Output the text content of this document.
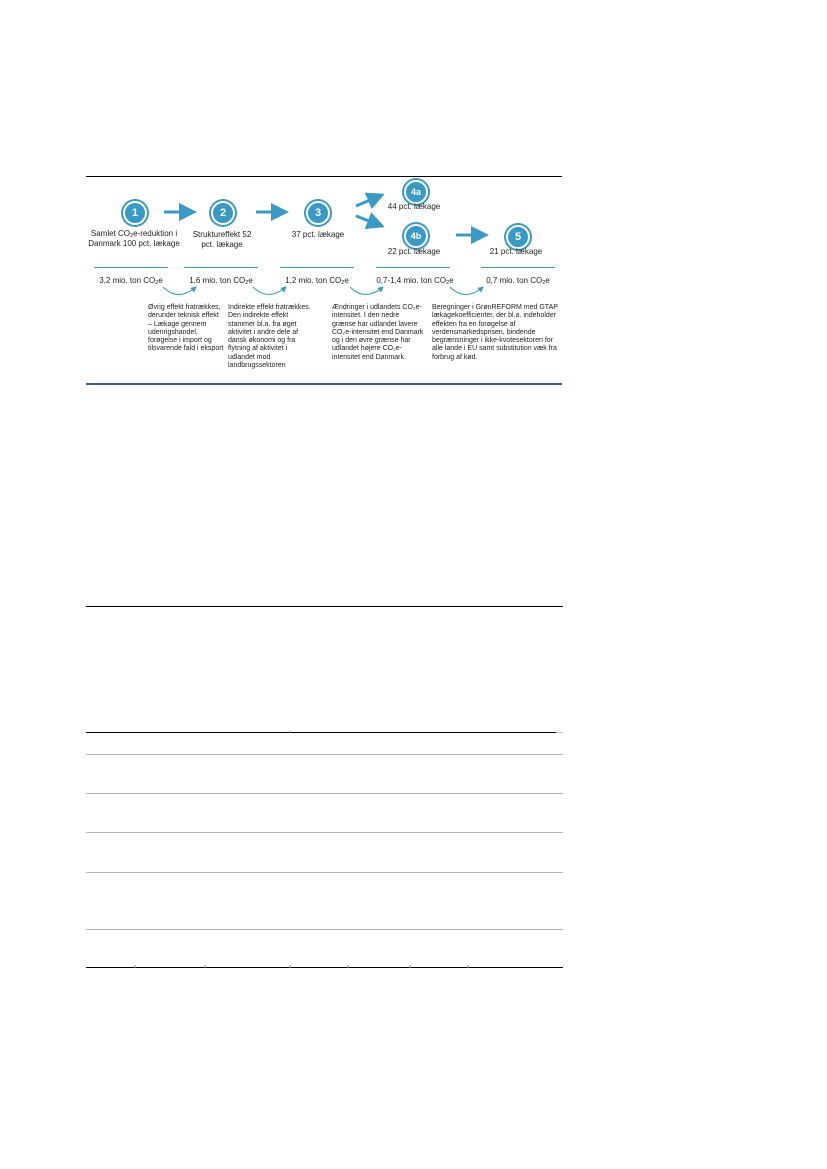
1	2	3
4a
4b	5
Samlet $CO_2e$-reduktion i Danmark 100 pct. lækage
Struktureffekt 52 pct. lækage
37 pct. lækage
44 pct. lækage
22 pct. lækage	21 pct. lækage
3,2 mio. ton $CO_2e$	1,6 mio. ton $CO_2e$	1,2 mio. ton $CO_2e$	0,7-1,4 mio. ton $CO_2e$	0,7 mio. ton $CO_2e$
Øvrig effekt fratrækkes, derunder teknisk effekt – Lækage gennem udenrigshandel, forøgelse i import og tilsvarende fald i eksport
Indirekte effekt fratrækkes. Den indirekte effekt stammer bl.a. fra øget aktivitet i andre dele af dansk økonomi og fra flytning af aktivitet i udlandet mod landbrugssektoren
Ændringer i udlandets CO₂e-intensitet. I den nedre grænse har udlandet lavere CO₂e-intensitet end Danmark og i den øvre grænse har udlandet højere CO₂e-intensitet end Danmark.
Beregninger i GrønREFORM med GTAP lækagekoefficienter, der bl.a. indeholder effekten fra en forøgelse af verdensmarkedsprisen, bindende begrænsninger i ikke-kvotesektoren for alle lande i EU samt substitution væk fra forbrug af kød.
